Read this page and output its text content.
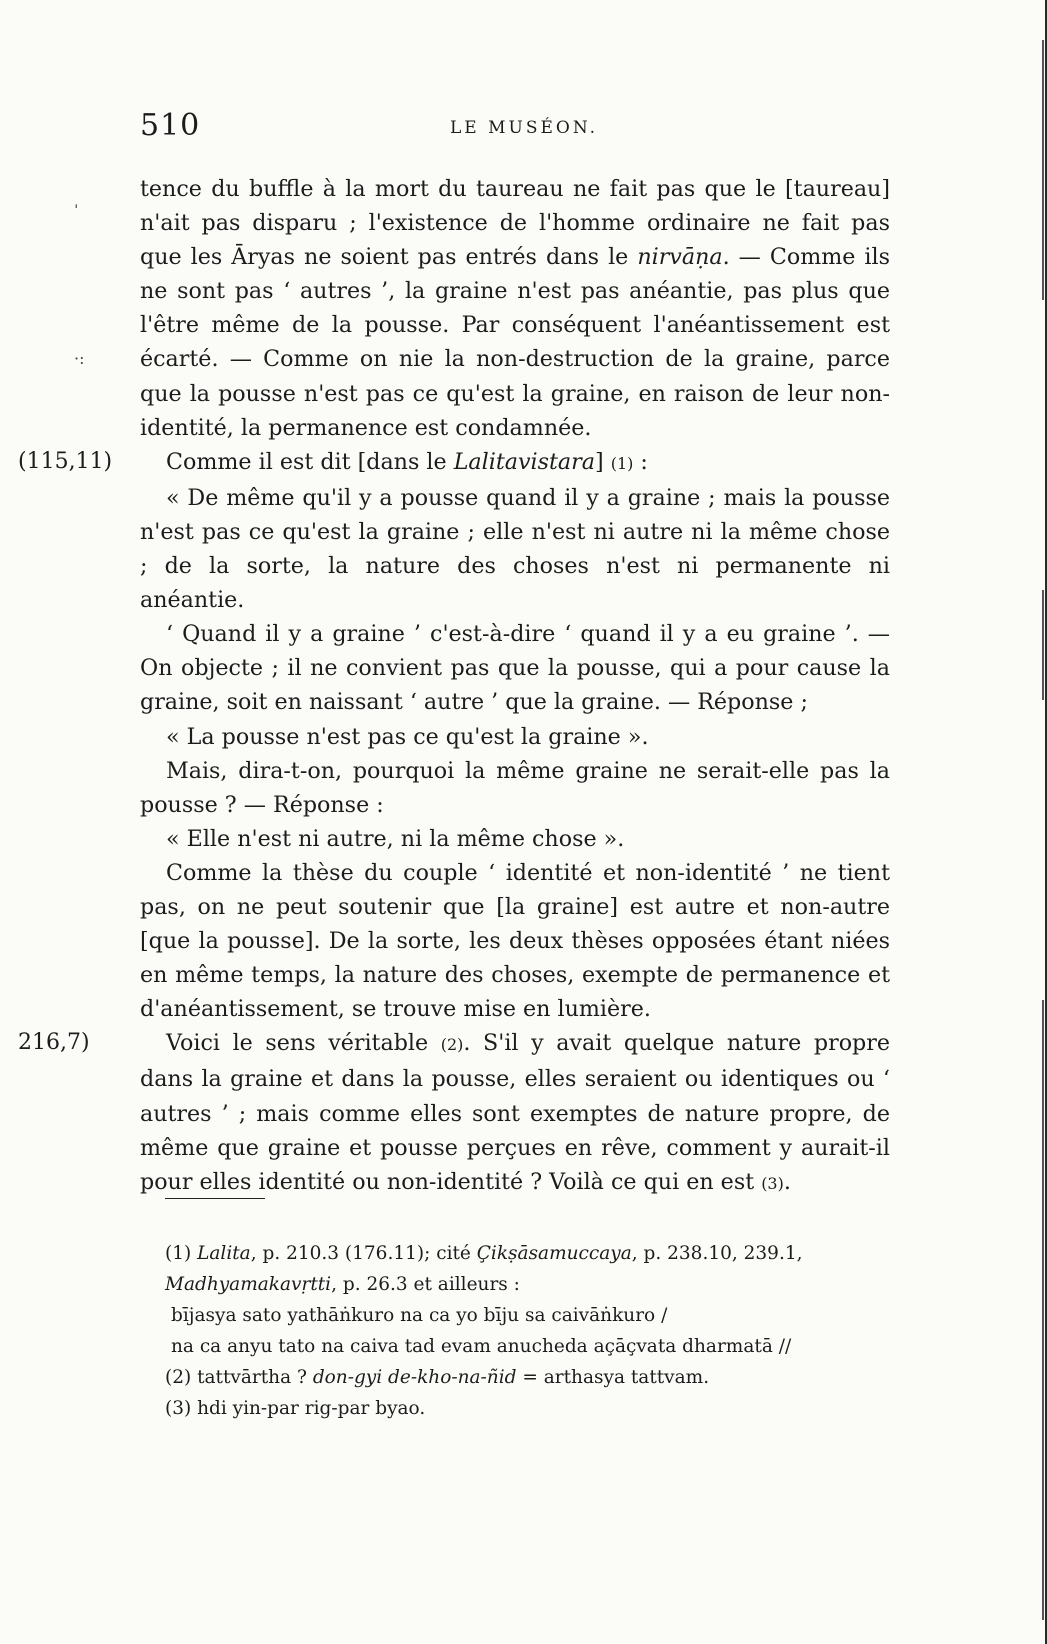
510	LE MUSÉON.

ˌ
·:
tence du buffle à la mort du taureau ne fait pas que le [taureau] n'ait pas disparu ; l'existence de l'homme ordinaire ne fait pas que les Āryas ne soient pas entrés dans le nirvāṇa. — Comme ils ne sont pas ‘ autres ’, la graine n'est pas anéantie, pas plus que l'être même de la pousse. Par conséquent l'anéantissement est écarté. — Comme on nie la non-destruction de la graine, parce que la pousse n'est pas ce qu'est la graine, en raison de leur non-identité, la permanence est condamnée.

(115,11) Comme il est dit [dans le Lalitavistara] (1) :

« De même qu'il y a pousse quand il y a graine ; mais la pousse n'est pas ce qu'est la graine ; elle n'est ni autre ni la même chose ; de la sorte, la nature des choses n'est ni permanente ni anéantie.

‘ Quand il y a graine ’ c'est-à-dire ‘ quand il y a eu graine ’. — On objecte ; il ne convient pas que la pousse, qui a pour cause la graine, soit en naissant ‘ autre ’ que la graine. — Réponse ;

« La pousse n'est pas ce qu'est la graine ».

Mais, dira-t-on, pourquoi la même graine ne serait-elle pas la pousse ? — Réponse :

« Elle n'est ni autre, ni la même chose ».

Comme la thèse du couple ‘ identité et non-identité ’ ne tient pas, on ne peut soutenir que [la graine] est autre et non-autre [que la pousse]. De la sorte, les deux thèses opposées étant niées en même temps, la nature des choses, exempte de permanence et d'anéantissement, se trouve mise en lumière.

216,7)	Voici le sens véritable (2). S'il y avait quelque nature propre dans la graine et dans la pousse, elles seraient ou identiques ou ‘ autres ’ ; mais comme elles sont exemptes de nature propre, de même que graine et pousse perçues en rêve, comment y aurait-il pour elles identité ou non-identité ? Voilà ce qui en est (3).

(1) Lalita, p. 210.3 (176.11); cité Çikṣāsamuccaya, p. 238.10, 239.1, Madhyamakavṛtti, p. 26.3 et ailleurs :

bījasya sato yathāṅkuro na ca yo bīju sa caivāṅkuro /

na ca anyu tato na caiva tad evam anucheda açāçvata dharmatā //

(2) tattvārtha ? don-gyi de-kho-na-ñid = arthasya tattvam.

(3) hdi yin-par rig-par byao.
